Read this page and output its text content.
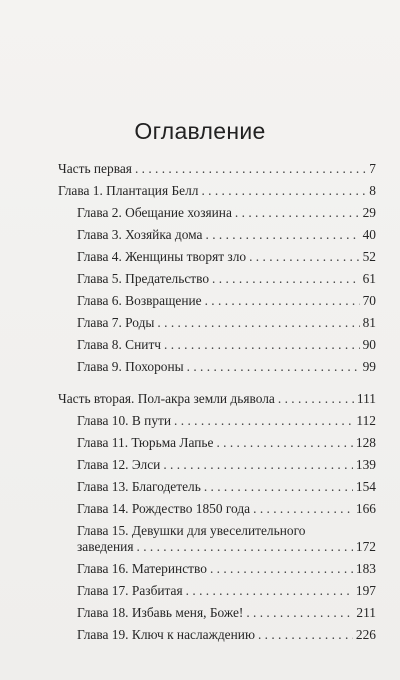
Оглавление
Часть первая . . .	7
Глава 1. Плантация Белл . . .	8
Глава 2. Обещание хозяина . . .	29
Глава 3. Хозяйка дома . . .	40
Глава 4. Женщины творят зло . . .	52
Глава 5. Предательство . . .	61
Глава 6. Возвращение . . .	70
Глава 7. Роды . . .	81
Глава 8. Снитч . . .	90
Глава 9. Похороны . . .	99
Часть вторая. Пол-акра земли дьявола . . .	111
Глава 10. В пути . . .	112
Глава 11. Тюрьма Лапье . . .	128
Глава 12. Элси . . .	139
Глава 13. Благодетель . . .	154
Глава 14. Рождество 1850 года . . .	166
Глава 15. Девушки для увеселительного
заведения . . .	172
Глава 16. Материнство . . .	183
Глава 17. Разбитая . . .	197
Глава 18. Избавь меня, Боже! . . .	211
Глава 19. Ключ к наслаждению . . .	226
